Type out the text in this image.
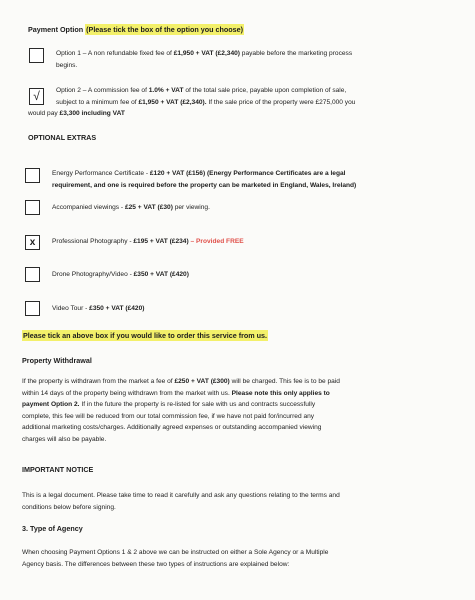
Payment Option (Please tick the box of the option you choose)
Option 1 – A non refundable fixed fee of £1,950 + VAT (£2,340) payable before the marketing process
begins.
√	Option 2 – A commission fee of 1.0% + VAT of the total sale price, payable upon completion of sale,
subject to a minimum fee of £1,950 + VAT (£2,340). If the sale price of the property were £275,000 you
would pay £3,300 including VAT
OPTIONAL EXTRAS
Energy Performance Certificate - £120 + VAT (£156) (Energy Performance Certificates are a legal
requirement, and one is required before the property can be marketed in England, Wales, Ireland)
Accompanied viewings - £25 + VAT (£30) per viewing.
x	Professional Photography - £195 + VAT (£234) – Provided FREE
Drone Photography/Video - £350 + VAT (£420)
Video Tour - £350 + VAT (£420)
Please tick an above box if you would like to order this service from us.
Property Withdrawal
If the property is withdrawn from the market a fee of £250 + VAT (£300) will be charged. This fee is to be paid
within 14 days of the property being withdrawn from the market with us. Please note this only applies to
payment Option 2. If in the future the property is re-listed for sale with us and contracts successfully
complete, this fee will be reduced from our total commission fee, if we have not paid for/incurred any
additional marketing costs/charges. Additionally agreed expenses or outstanding accompanied viewing
charges will also be payable.
IMPORTANT NOTICE
This is a legal document. Please take time to read it carefully and ask any questions relating to the terms and
conditions below before signing.
3. Type of Agency
When choosing Payment Options 1 & 2 above we can be instructed on either a Sole Agency or a Multiple
Agency basis. The differences between these two types of instructions are explained below:
